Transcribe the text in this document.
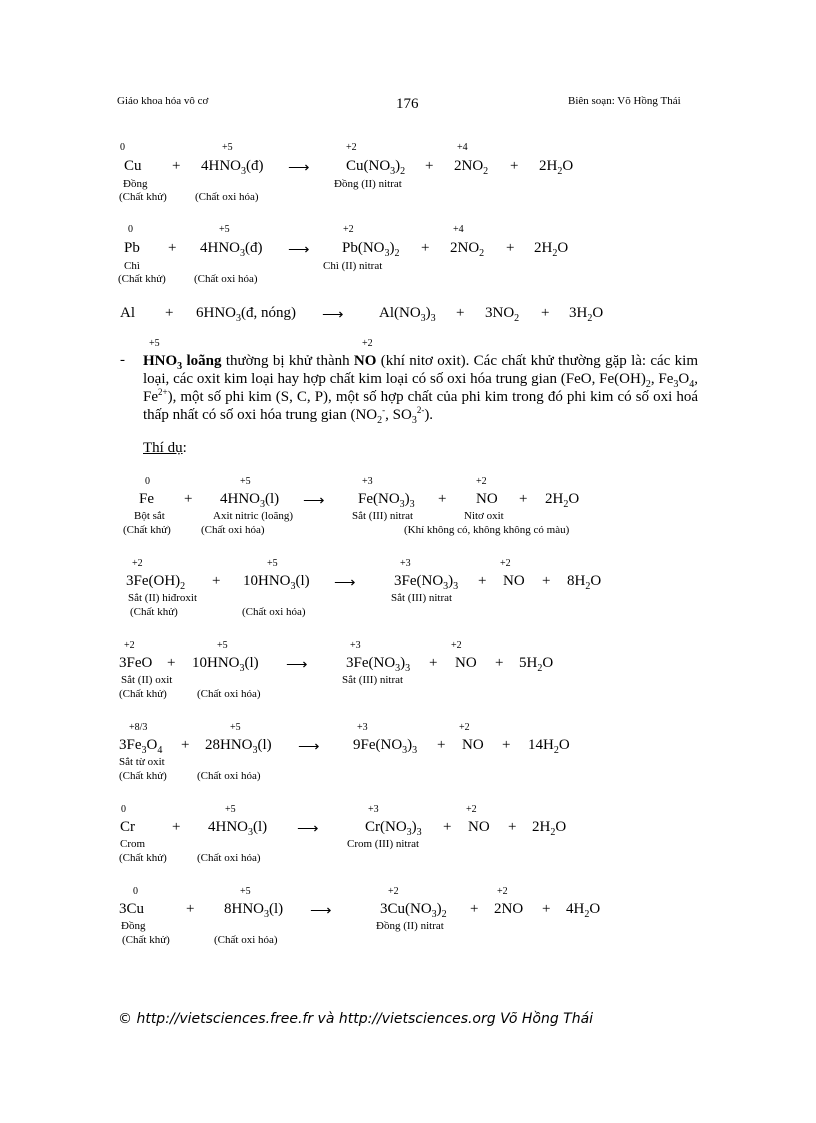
Giáo khoa hóa vô cơ	176	Biên soạn: Võ Hồng Thái
0	+5	+2	+4
$Cu + 4HNO_3(đ)$ ⟶ $Cu(NO_3)_2 + 2NO_2 + 2H_2O$
Đồng	Đồng (II) nitrat
(Chất khử)	(Chất oxi hóa)
0	+5	+2	+4
$Pb + 4HNO_3(đ)$ ⟶ $Pb(NO_3)_2 + 2NO_2 + 2H_2O$
Chì	Chì (II) nitrat
(Chất khử)	(Chất oxi hóa)
$Al + 6HNO_3(đ$, nóng) ⟶ $Al(NO_3)_3 + 3NO_2 + 3H_2O$
+5	+2
- $HNO_3$ loãng thường bị khử thành NO (khí nitơ oxit). Các chất khử thường gặp là: các kim loại, các oxit kim loại hay hợp chất kim loại có số oxi hóa trung gian (FeO, $Fe(OH)_2$, $Fe_3O_4$, $Fe^{2+}$), một số phi kim (S, C, P), một số hợp chất của phi kim trong đó phi kim có số oxi hoá thấp nhất có số oxi hóa trung gian ($NO_2^-$, $SO_3^{2-}$).
Thí dụ:
0	+5	+3	+2
$Fe + 4HNO_3(l)$ ⟶ $Fe(NO_3)_3$ + NO + $2H_2O$
Bột sắt	Axit nitric (loãng)	Sắt (III) nitrat	Nitơ oxit
(Chất khử)	(Chất oxi hóa)	(Khí không có, không không có màu)
+2	+5	+3	+2
$3Fe(OH)_2 + 10HNO_3(l)$ ⟶	$3Fe(NO_3)_3$ + NO + $8H_2O$
Sắt (II) hiđroxit	Sắt (III) nitrat
(Chất khử)	(Chất oxi hóa)
+2	+5	+3	+2
$3FeO + 10HNO_3(l)$ ⟶	$3Fe(NO_3)_3$ + NO + $5H_2O$
Sắt (II) oxit	Sắt (III) nitrat
(Chất khử)	(Chất oxi hóa)
+8/3	+5	+3	+2
$3Fe_3O_4 + 28HNO_3(l)$ ⟶ $9Fe(NO_3)_3$ + NO + $14H_2O$
Sắt từ oxit
(Chất khử)	(Chất oxi hóa)
0	+5	+3	+2
$Cr + 4HNO_3(l)$ ⟶	$Cr(NO_3)_3$ + NO + $2H_2O$
Crom	Crom (III) nitrat
(Chất khử)	(Chất oxi hóa)
0	+5	+2	+2
3Cu	+ $8HNO_3(l)$ ⟶	$3Cu(NO_3)_2 + 2NO + 4H_2O$
Đồng	Đồng (II) nitrat
(Chất khử)	(Chất oxi hóa)
© http://vietsciences.free.fr và http://vietsciences.org Võ Hồng Thái
